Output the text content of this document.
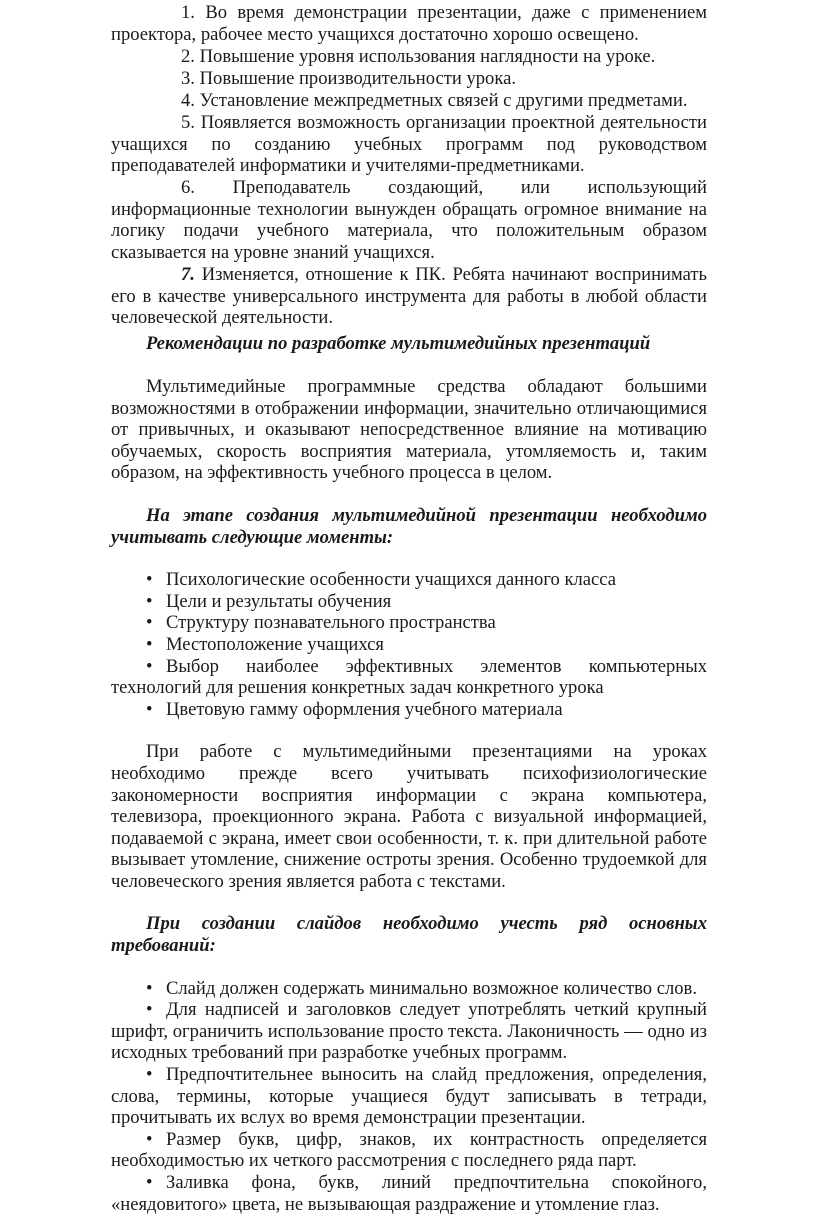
1. Во время демонстрации презентации, даже с применением проектора, рабочее место учащихся достаточно хорошо освещено.

2. Повышение уровня использования наглядности на уроке.

3. Повышение производительности урока.

4. Установление межпредметных связей с другими предметами.

5. Появляется возможность организации проектной деятельности учащихся по созданию учебных программ под руководством преподавателей информатики и учителями-предметниками.

6. Преподаватель создающий, или использующий информационные технологии вынужден обращать огромное внимание на логику подачи учебного материала, что положительным образом сказывается на уровне знаний учащихся.

7. Изменяется, отношение к ПК. Ребята начинают воспринимать его в качестве универсального инструмента для работы в любой области человеческой деятельности.

Рекомендации по разработке мультимедийных презентаций

Мультимедийные программные средства обладают большими возможностями в отображении информации, значительно отличающимися от привычных, и оказывают непосредственное влияние на мотивацию обучаемых, скорость восприятия материала, утомляемость и, таким образом, на эффективность учебного процесса в целом.

На этапе создания мультимедийной презентации необходимо учитывать следующие моменты:

• Психологические особенности учащихся данного класса

• Цели и результаты обучения

• Структуру познавательного пространства

• Местоположение учащихся

• Выбор наиболее эффективных элементов компьютерных технологий для решения конкретных задач конкретного урока

• Цветовую гамму оформления учебного материала

При работе с мультимедийными презентациями на уроках необходимо прежде всего учитывать психофизиологические закономерности восприятия информации с экрана компьютера, телевизора, проекционного экрана. Работа с визуальной информацией, подаваемой с экрана, имеет свои особенности, т. к. при длительной работе вызывает утомление, снижение остроты зрения. Особенно трудоемкой для человеческого зрения является работа с текстами.

При создании слайдов необходимо учесть ряд основных требований:

• Слайд должен содержать минимально возможное количество слов.

• Для надписей и заголовков следует употреблять четкий крупный шрифт, ограничить использование просто текста. Лаконичность — одно из исходных требований при разработке учебных программ.

• Предпочтительнее выносить на слайд предложения, определения, слова, термины, которые учащиеся будут записывать в тетради, прочитывать их вслух во время демонстрации презентации.

• Размер букв, цифр, знаков, их контрастность определяется необходимостью их четкого рассмотрения с последнего ряда парт.

• Заливка фона, букв, линий предпочтительна спокойного, «неядовитого» цвета, не вызывающая раздражение и утомление глаз.
